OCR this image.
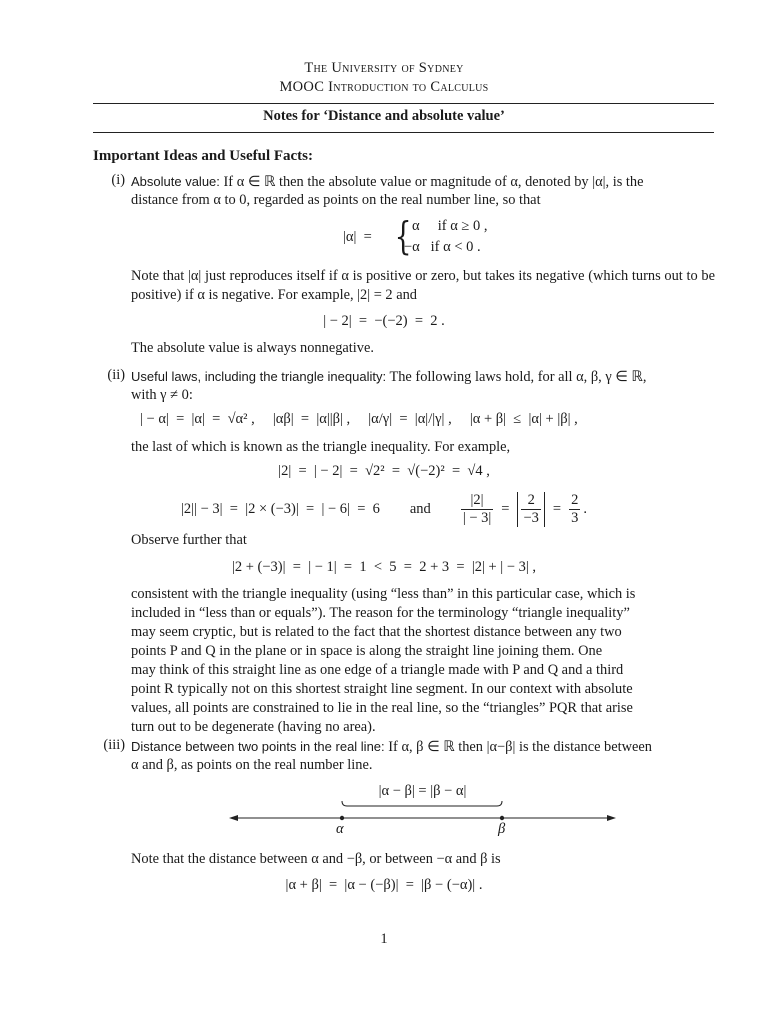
The University of Sydney
MOOC Introduction to Calculus
Notes for ‘Distance and absolute value’
Important Ideas and Useful Facts:
(i) Absolute value: If α ∈ ℝ then the absolute value or magnitude of α, denoted by |α|, is the
distance from α to 0, regarded as points on the real number line, so that
|α|  = { α     if α ≥ 0 ,
−α   if α < 0 .
Note that |α| just reproduces itself if α is positive or zero, but takes its negative (which turns out to be positive) if α is negative. For example, |2| = 2 and
| − 2|  =  −(−2)  =  2 .
The absolute value is always nonnegative.
(ii) Useful laws, including the triangle inequality: The following laws hold, for all α, β, γ ∈ ℝ,
with γ ≠ 0:
| − α|  =  |α|  =  √α² ,     |αβ|  =  |α||β| ,     |α/γ|  =  |α|/|γ| ,     |α + β|  ≤  |α| + |β| ,
the last of which is known as the triangle inequality. For example,
|2|  =  | − 2|  =  √2²  =  √(−2)²  =  √4 ,
|2|| − 3|  =  |2 × (−3)|  =  | − 6|  =  6 and $\frac{|2|}{| - 3|} = \frac{2}{-3} = \frac{2}{3}$ .
Observe further that
|2 + (−3)|  =  | − 1|  =  1  <  5  =  2 + 3  =  |2| + | − 3| ,
consistent with the triangle inequality (using “less than” in this particular case, which is
included in “less than or equals”). The reason for the terminology “triangle inequality”
may seem cryptic, but is related to the fact that the shortest distance between any two
points P and Q in the plane or in space is along the straight line joining them. One
may think of this straight line as one edge of a triangle made with P and Q and a third
point R typically not on this shortest straight line segment. In our context with absolute
values, all points are constrained to lie in the real line, so the “triangles” PQR that arise
turn out to be degenerate (having no area).
(iii) Distance between two points in the real line: If α, β ∈ ℝ then |α−β| is the distance between
α and β, as points on the real number line.
|α − β| = |β − α|
α	β
Note that the distance between α and −β, or between −α and β is
|α + β|  =  |α − (−β)|  =  |β − (−α)| .
1
